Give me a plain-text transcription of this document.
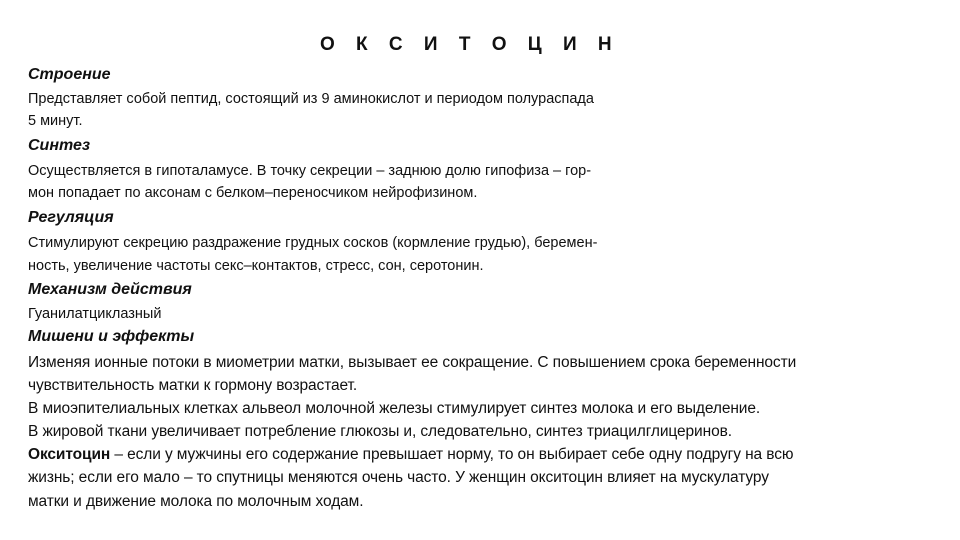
О К С И Т О Ц И Н
Строение
Представляет собой пептид, состоящий из 9 аминокислот и периодом полураспада
5 минут.
Синтез
Осуществляется в гипоталамусе. В точку секреции – заднюю долю гипофиза – гор-
мон попадает по аксонам с белком–переносчиком нейрофизином.
Регуляция
Стимулируют секрецию раздражение грудных сосков (кормление грудью), беремен-
ность, увеличение частоты секс–контактов, стресс, сон, серотонин.
Механизм действия
Гуанилатциклазный
Мишени и эффекты
Изменяя ионные потоки в миометрии матки, вызывает ее сокращение. С повышением срока беременности
чувствительность матки к гормону возрастает.
В миоэпителиальных клетках альвеол молочной железы стимулирует синтез молока и его выделение.
В жировой ткани увеличивает потребление глюкозы и, следовательно, синтез триацилглицеринов.
Окситоцин – если у мужчины его содержание превышает норму, то он выбирает себе одну подругу на всю
жизнь; если его мало – то спутницы меняются очень часто. У женщин окситоцин влияет на мускулатуру
матки и движение молока по молочным ходам.
